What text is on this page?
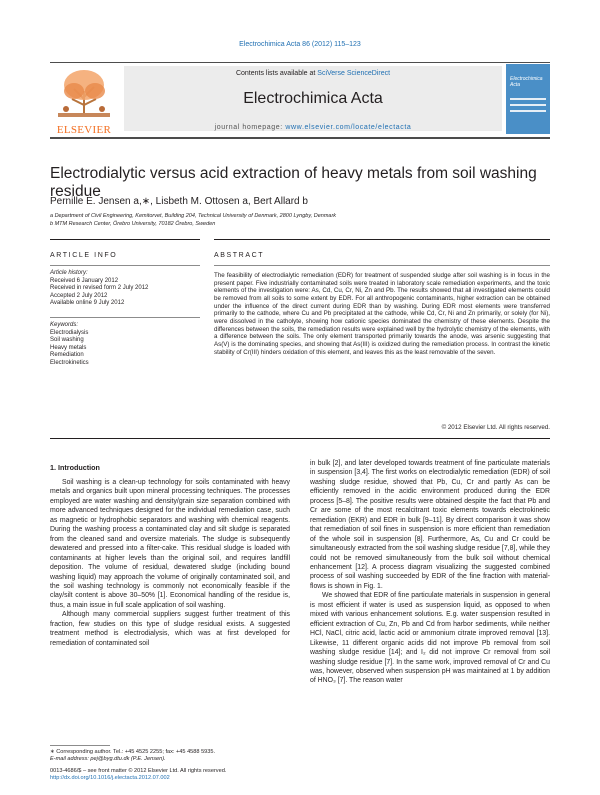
Electrochimica Acta 86 (2012) 115–123
ELSEVIER
Contents lists available at SciVerse ScienceDirect
Electrochimica Acta
journal homepage: www.elsevier.com/locate/electacta
Electrochimica Acta
Electrodialytic versus acid extraction of heavy metals from soil washing residue
Pernille E. Jensen a,∗, Lisbeth M. Ottosen a, Bert Allard b
a Department of Civil Engineering, Kemitorvet, Building 204, Technical University of Denmark, 2800 Lyngby, Denmark
b MTM Research Center, Örebro University, 70182 Örebro, Sweden
ARTICLE INFO	ABSTRACT
Article history:
Received 6 January 2012
Received in revised form 2 July 2012
Accepted 2 July 2012
Available online 9 July 2012
Keywords:
Electrodialysis
Soil washing
Heavy metals
Remediation
Electrokinetics
The feasibility of electrodialytic remediation (EDR) for treatment of suspended sludge after soil washing is in focus in the present paper. Five industrially contaminated soils were treated in laboratory scale remediation experiments, and the toxic elements of the investigation were: As, Cd, Cu, Cr, Ni, Zn and Pb. The results showed that all investigated elements could be removed from all soils to some extent by EDR. For all anthropogenic contaminants, higher extraction can be obtained under the influence of the direct current during EDR than by washing. During EDR most elements were transferred primarily to the cathode, where Cu and Pb precipitated at the cathode, while Cd, Cr, Ni and Zn primarily, or solely (for Ni), were dissolved in the catholyte, showing how cationic species dominated the chemistry of these elements. Despite the differences between the soils, the remediation results were explained well by the hydrolytic chemistry of the elements, with a difference between the soils. The only element transported primarily towards the anode, was arsenic suggesting that As(V) is the dominating species, and showing that As(III) is oxidized during the remediation process. In contrast the kinetic stability of Cr(III) hinders oxidation of this element, and leaves this as the least removable of the seven.
© 2012 Elsevier Ltd. All rights reserved.
1. Introduction

Soil washing is a clean-up technology for soils contaminated with heavy metals and organics built upon mineral processing techniques. The processes employed are water washing and density/grain size separation combined with more advanced techniques designed for the individual remediation case, such as magnetic or hydrophobic separators and washing with chemical reagents. During the washing process a contaminated clay and silt sludge is separated from the cleaned sand and oversize materials. The sludge is subsequently dewatered and pressed into a filter-cake. This residual sludge is loaded with contaminants at higher levels than the original soil, and requires landfill deposition. The volume of residual, dewatered sludge (including bound washing liquid) may approach the volume of originally contaminated soil, and the soil washing technology is commonly not economically feasible if the clay/silt content is above 30–50% [1]. Economical handling of the residue is, thus, a main issue in full scale application of soil washing.

Although many commercial suppliers suggest further treatment of this fraction, few studies on this type of sludge residual exists. A suggested treatment method is electrodialysis, which was at first developed for remediation of contaminated soil

in bulk [2], and later developed towards treatment of fine particulate materials in suspension [3,4]. The first works on electrodialytic remediation (EDR) of soil washing sludge residue, showed that Pb, Cu, Cr and partly As can be efficiently removed in the acidic environment produced during the EDR process [5–8]. The positive results were obtained despite the fact that Pb and Cr are some of the most recalcitrant toxic elements towards electrokinetic remediation (EKR) and EDR in bulk [9–11]. By direct comparison it was show that remediation of soil fines in suspension is more efficient than remediation of the whole soil in suspension [8]. Furthermore, As, Cu and Cr could be simultaneously extracted from the soil washing sludge residue [7,8], while they could not be removed simultaneously from the bulk soil without chemical enhancement [12]. A process diagram visualizing the suggested combined process of soil washing succeeded by EDR of the fine fraction with material-flows is shown in Fig. 1.

We showed that EDR of fine particulate materials in suspension in general is most efficient if water is used as suspension liquid, as opposed to when mixed with various enhancement solutions. E.g. water suspension resulted in efficient extraction of Cu, Zn, Pb and Cd from harbor sediments, while neither HCl, NaCl, citric acid, lactic acid or ammonium citrate improved removal [13]. Likewise, 11 different organic acids did not improve Pb removal from soil washing sludge residue [14]; and I₂ did not improve Cr removal from soil washing sludge residue [7]. In the same work, improved removal of Cr and Cu was, however, observed when suspension pH was maintained at 1 by addition of HNO₃ [7]. The reason water

∗ Corresponding author. Tel.: +45 4525 2255; fax: +45 4588 5935.
E-mail address: pej@byg.dtu.dk (P.E. Jensen).
0013-4686/$ – see front matter © 2012 Elsevier Ltd. All rights reserved.
http://dx.doi.org/10.1016/j.electacta.2012.07.002
